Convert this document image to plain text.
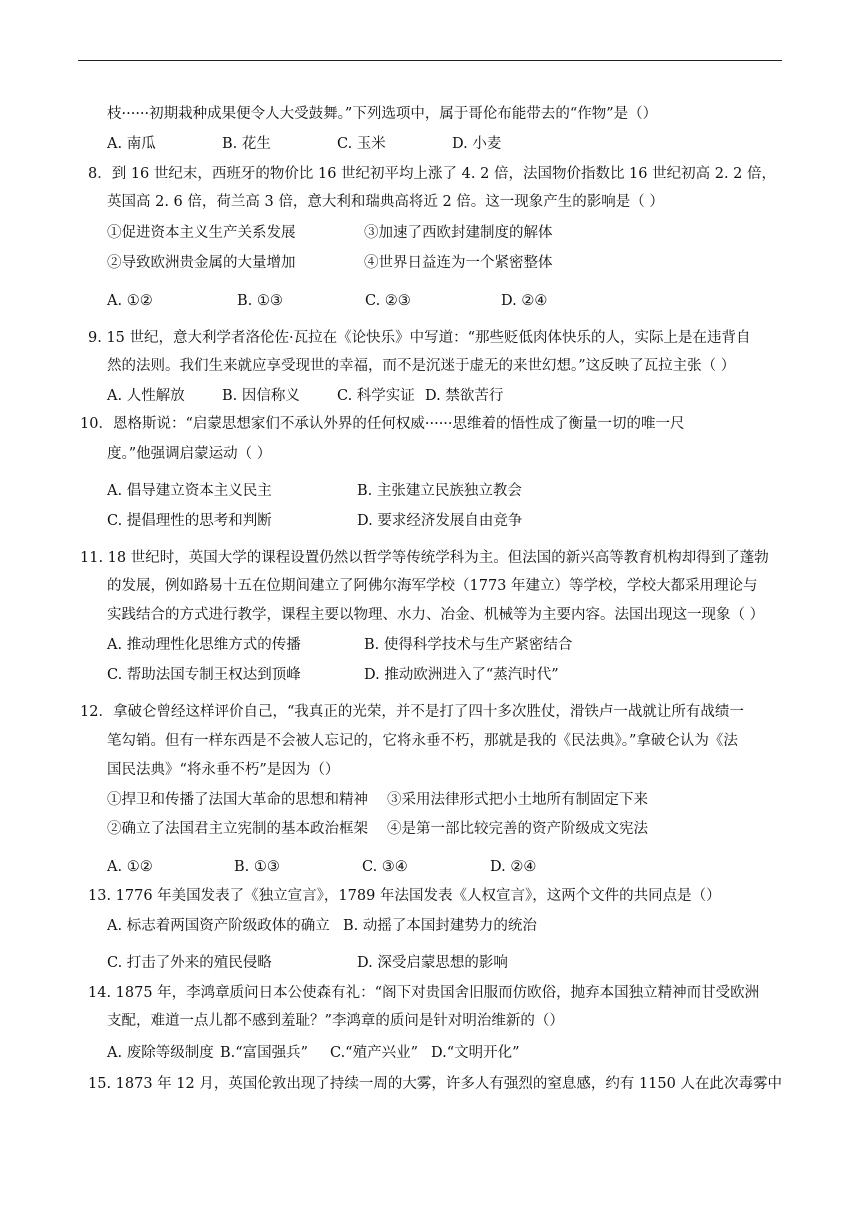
枝······初期栽种成果便令人大受鼓舞。”下列选项中，属于哥伦布能带去的“作物”是（）
A. 南瓜	B. 花生	C. 玉米	D. 小麦
8．到 16 世纪末，西班牙的物价比 16 世纪初平均上涨了 4. 2 倍，法国物价指数比 16 世纪初高 2. 2 倍，
英国高 2. 6 倍，荷兰高 3 倍，意大利和瑞典高将近 2 倍。这一现象产生的影响是（ ）
①促进资本主义生产关系发展	③加速了西欧封建制度的解体
②导致欧洲贵金属的大量增加	④世界日益连为一个紧密整体
A. ①②	B. ①③	C. ②③	D. ②④
9. 15 世纪，意大利学者洛伦佐·瓦拉在《论快乐》中写道：“那些贬低肉体快乐的人，实际上是在违背自
然的法则。我们生来就应享受现世的幸福，而不是沉迷于虚无的来世幻想。”这反映了瓦拉主张（ ）
A. 人性解放	B. 因信称义	C. 科学实证 D. 禁欲苦行
10．恩格斯说：“启蒙思想家们不承认外界的任何权威······思维着的悟性成了衡量一切的唯一尺
度。”他强调启蒙运动（ ）
A. 倡导建立资本主义民主	B. 主张建立民族独立教会
C. 提倡理性的思考和判断	D. 要求经济发展自由竞争
11. 18 世纪时，英国大学的课程设置仍然以哲学等传统学科为主。但法国的新兴高等教育机构却得到了蓬勃
的发展，例如路易十五在位期间建立了阿佛尔海军学校（1773 年建立）等学校，学校大都采用理论与
实践结合的方式进行教学，课程主要以物理、水力、冶金、机械等为主要内容。法国出现这一现象（ ）
A. 推动理性化思维方式的传播	B. 使得科学技术与生产紧密结合
C. 帮助法国专制王权达到顶峰	D. 推动欧洲进入了“蒸汽时代”
12．拿破仑曾经这样评价自己，“我真正的光荣，并不是打了四十多次胜仗，滑铁卢一战就让所有战绩一
笔勾销。但有一样东西是不会被人忘记的，它将永垂不朽，那就是我的《民法典》。”拿破仑认为《法
国民法典》“将永垂不朽”是因为（）
①捍卫和传播了法国大革命的思想和精神 ③采用法律形式把小土地所有制固定下来
②确立了法国君主立宪制的基本政治框架 ④是第一部比较完善的资产阶级成文宪法
A. ①②	B. ①③	C. ③④	D. ②④
13. 1776 年美国发表了《独立宣言》，1789 年法国发表《人权宣言》，这两个文件的共同点是（）
A. 标志着两国资产阶级政体的确立 B. 动摇了本国封建势力的统治
C. 打击了外来的殖民侵略	D. 深受启蒙思想的影响
14. 1875 年，李鸿章质问日本公使森有礼：“阁下对贵国舍旧服而仿欧俗，抛弃本国独立精神而甘受欧洲
支配，难道一点儿都不感到羞耻？”李鸿章的质问是针对明治维新的（）
A. 废除等级制度 B.“富国强兵” C.“殖产兴业” D.“文明开化”
15. 1873 年 12 月，英国伦敦出现了持续一周的大雾，许多人有强烈的窒息感，约有 1150 人在此次毒雾中
